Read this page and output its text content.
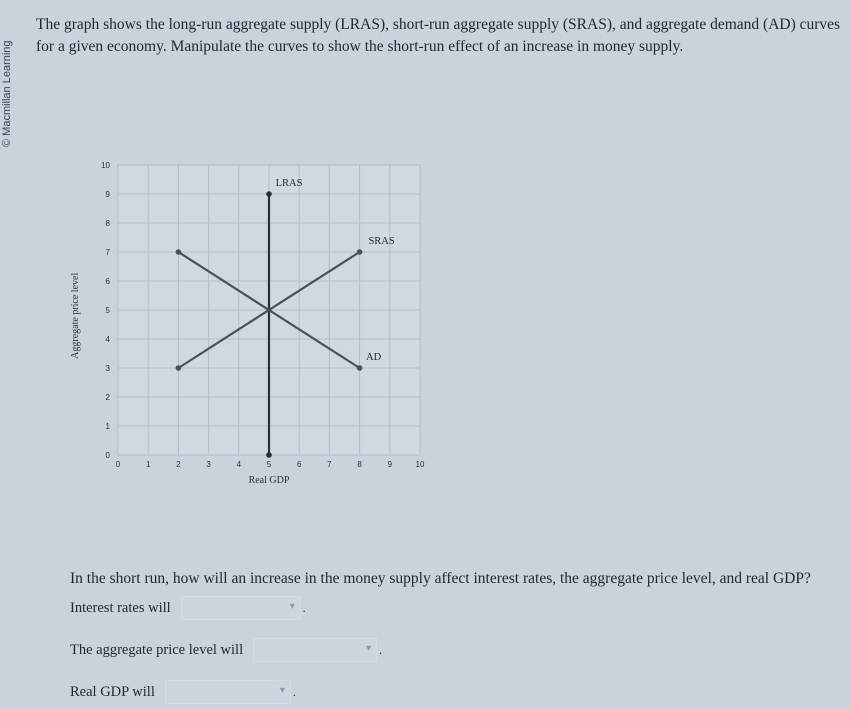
© Macmillan Learning

The graph shows the long-run aggregate supply (LRAS), short-run aggregate supply (SRAS), and aggregate demand (AD) curves for a given economy. Manipulate the curves to show the short-run effect of an increase in money supply.

0	1	2	3	4	5	6	7	8	9	10
0
1
2
3
4
5
6
7
8
9
10
Real GDP
Aggregate price level
LRAS
SRAS
AD

In the short run, how will an increase in the money supply affect interest rates, the aggregate price level, and real GDP?

Interest rates will	▾ .
The aggregate price level will	▾ .
Real GDP will	▾ .
